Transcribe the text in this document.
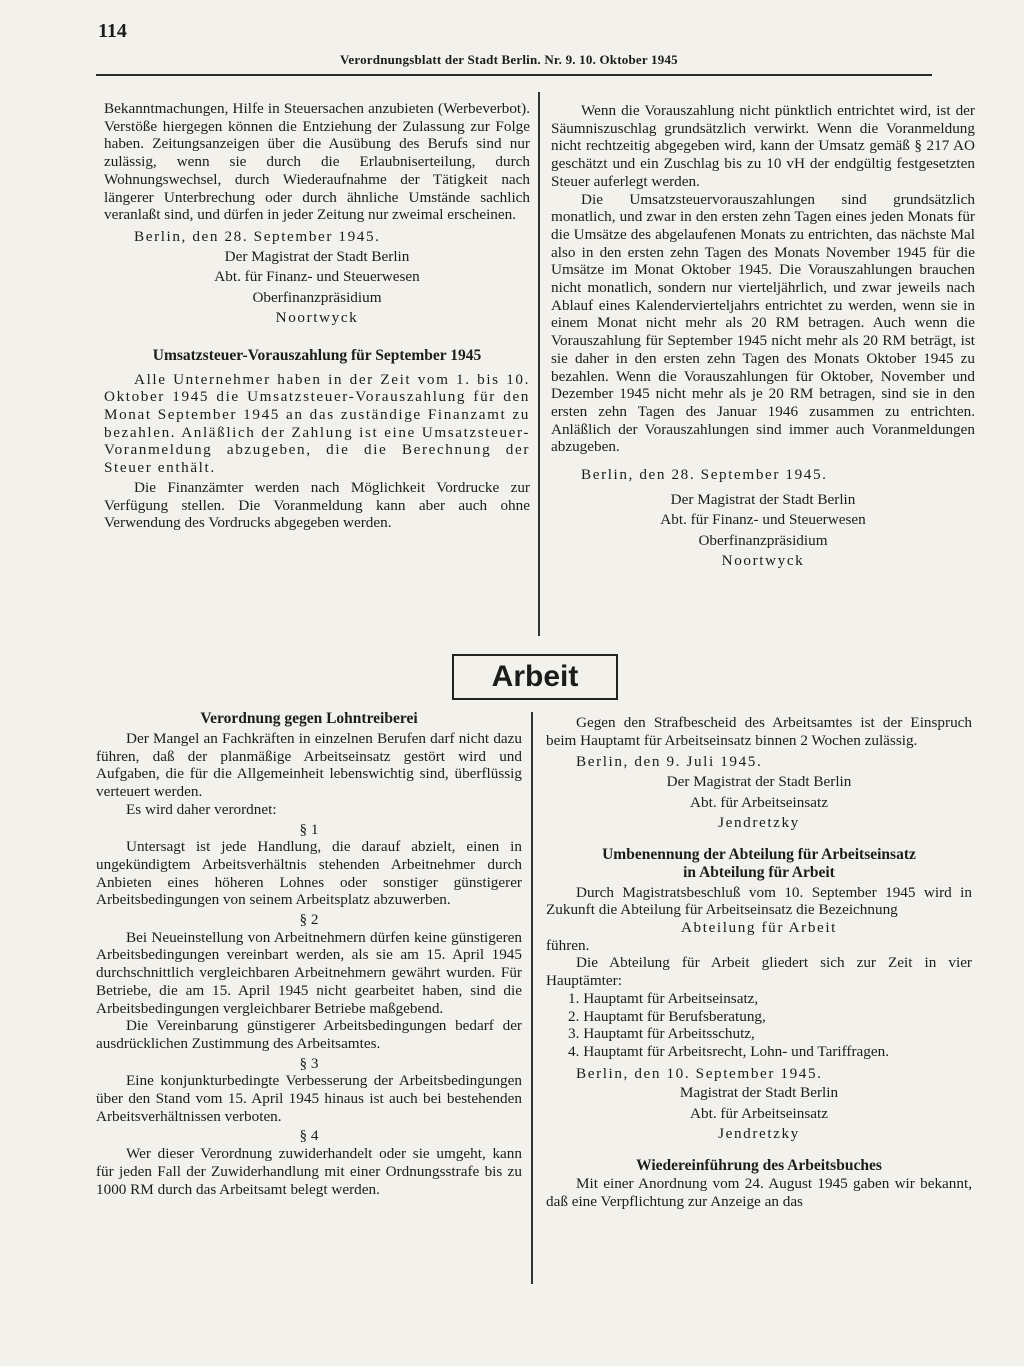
114
Verordnungsblatt der Stadt Berlin. Nr. 9. 10. Oktober 1945

Bekanntmachungen, Hilfe in Steuersachen anzubieten (Werbeverbot). Verstöße hiergegen können die Entziehung der Zulassung zur Folge haben. Zeitungsanzeigen über die Ausübung des Berufs sind nur zulässig, wenn sie durch die Erlaubniserteilung, durch Wohnungswechsel, durch Wiederaufnahme der Tätigkeit nach längerer Unterbrechung oder durch ähnliche Umstände sachlich veranlaßt sind, und dürfen in jeder Zeitung nur zweimal erscheinen.

Berlin, den 28. September 1945.

Der Magistrat der Stadt Berlin
Abt. für Finanz- und Steuerwesen
Oberfinanzpräsidium
Noortwyck

Umsatzsteuer-Vorauszahlung für September 1945

Alle Unternehmer haben in der Zeit vom 1. bis 10. Oktober 1945 die Umsatzsteuer-Vorauszahlung für den Monat September 1945 an das zuständige Finanzamt zu bezahlen. Anläßlich der Zahlung ist eine Umsatzsteuer-Voranmeldung abzugeben, die die Berechnung der Steuer enthält.

Die Finanzämter werden nach Möglichkeit Vordrucke zur Verfügung stellen. Die Voranmeldung kann aber auch ohne Verwendung des Vordrucks abgegeben werden.

Wenn die Vorauszahlung nicht pünktlich entrichtet wird, ist der Säumniszuschlag grundsätzlich verwirkt. Wenn die Voranmeldung nicht rechtzeitig abgegeben wird, kann der Umsatz gemäß § 217 AO geschätzt und ein Zuschlag bis zu 10 vH der endgültig festgesetzten Steuer auferlegt werden.

Die Umsatzsteuervorauszahlungen sind grundsätzlich monatlich, und zwar in den ersten zehn Tagen eines jeden Monats für die Umsätze des abgelaufenen Monats zu entrichten, das nächste Mal also in den ersten zehn Tagen des Monats November 1945 für die Umsätze im Monat Oktober 1945. Die Vorauszahlungen brauchen nicht monatlich, sondern nur vierteljährlich, und zwar jeweils nach Ablauf eines Kalendervierteljahrs entrichtet zu werden, wenn sie in einem Monat nicht mehr als 20 RM betragen. Auch wenn die Vorauszahlung für September 1945 nicht mehr als 20 RM beträgt, ist sie daher in den ersten zehn Tagen des Monats Oktober 1945 zu bezahlen. Wenn die Vorauszahlungen für Oktober, November und Dezember 1945 nicht mehr als je 20 RM betragen, sind sie in den ersten zehn Tagen des Januar 1946 zusammen zu entrichten. Anläßlich der Vorauszahlungen sind immer auch Voranmeldungen abzugeben.

Berlin, den 28. September 1945.

Der Magistrat der Stadt Berlin
Abt. für Finanz- und Steuerwesen
Oberfinanzpräsidium
Noortwyck
Arbeit

Verordnung gegen Lohntreiberei

Der Mangel an Fachkräften in einzelnen Berufen darf nicht dazu führen, daß der planmäßige Arbeitseinsatz gestört wird und Aufgaben, die für die Allgemeinheit lebenswichtig sind, überflüssig verteuert werden.

Es wird daher verordnet:

§ 1

Untersagt ist jede Handlung, die darauf abzielt, einen in ungekündigtem Arbeitsverhältnis stehenden Arbeitnehmer durch Anbieten eines höheren Lohnes oder sonstiger günstigerer Arbeitsbedingungen von seinem Arbeitsplatz abzuwerben.

§ 2

Bei Neueinstellung von Arbeitnehmern dürfen keine günstigeren Arbeitsbedingungen vereinbart werden, als sie am 15. April 1945 durchschnittlich vergleichbaren Arbeitnehmern gewährt wurden. Für Betriebe, die am 15. April 1945 nicht gearbeitet haben, sind die Arbeitsbedingungen vergleichbarer Betriebe maßgebend.

Die Vereinbarung günstigerer Arbeitsbedingungen bedarf der ausdrücklichen Zustimmung des Arbeitsamtes.

§ 3

Eine konjunkturbedingte Verbesserung der Arbeitsbedingungen über den Stand vom 15. April 1945 hinaus ist auch bei bestehenden Arbeitsverhältnissen verboten.

§ 4

Wer dieser Verordnung zuwiderhandelt oder sie umgeht, kann für jeden Fall der Zuwiderhandlung mit einer Ordnungsstrafe bis zu 1000 RM durch das Arbeitsamt belegt werden.

Gegen den Strafbescheid des Arbeitsamtes ist der Einspruch beim Hauptamt für Arbeitseinsatz binnen 2 Wochen zulässig.

Berlin, den 9. Juli 1945.

Der Magistrat der Stadt Berlin
Abt. für Arbeitseinsatz
Jendretzky
Umbenennung der Abteilung für Arbeitseinsatz
in Abteilung für Arbeit

Durch Magistratsbeschluß vom 10. September 1945 wird in Zukunft die Abteilung für Arbeitseinsatz die Bezeichnung

Abteilung für Arbeit

führen.

Die Abteilung für Arbeit gliedert sich zur Zeit in vier Hauptämter:

1. Hauptamt für Arbeitseinsatz,
2. Hauptamt für Berufsberatung,
3. Hauptamt für Arbeitsschutz,
4. Hauptamt für Arbeitsrecht, Lohn- und Tariffragen.

Berlin, den 10. September 1945.

Magistrat der Stadt Berlin
Abt. für Arbeitseinsatz
Jendretzky

Wiedereinführung des Arbeitsbuches

Mit einer Anordnung vom 24. August 1945 gaben wir bekannt, daß eine Verpflichtung zur Anzeige an das
